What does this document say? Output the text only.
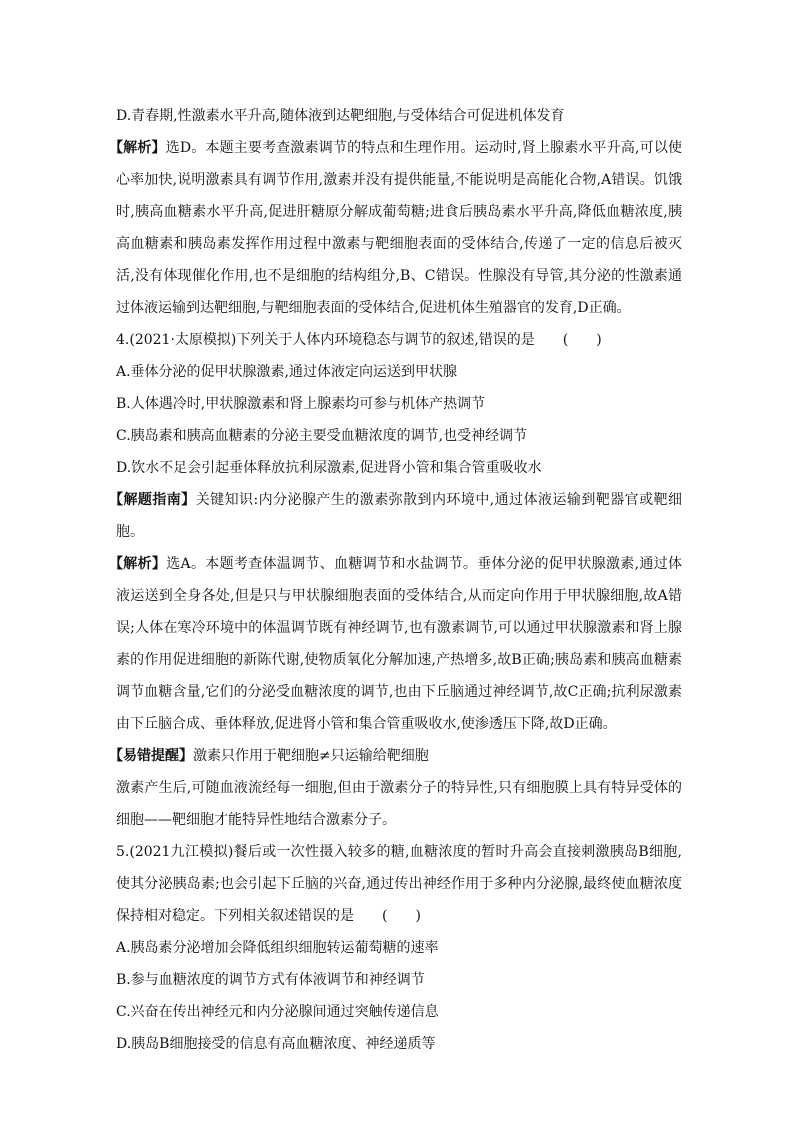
D.青春期,性激素水平升高,随体液到达靶细胞,与受体结合可促进机体发育

【解析】选D。本题主要考查激素调节的特点和生理作用。运动时,肾上腺素水平升高,可以使心率加快,说明激素具有调节作用,激素并没有提供能量,不能说明是高能化合物,A错误。饥饿时,胰高血糖素水平升高,促进肝糖原分解成葡萄糖;进食后胰岛素水平升高,降低血糖浓度,胰高血糖素和胰岛素发挥作用过程中激素与靶细胞表面的受体结合,传递了一定的信息后被灭活,没有体现催化作用,也不是细胞的结构组分,B、C错误。性腺没有导管,其分泌的性激素通过体液运输到达靶细胞,与靶细胞表面的受体结合,促进机体生殖器官的发育,D正确。

4.(2021·太原模拟)下列关于人体内环境稳态与调节的叙述,错误的是　　(　　)

A.垂体分泌的促甲状腺激素,通过体液定向运送到甲状腺

B.人体遇冷时,甲状腺激素和肾上腺素均可参与机体产热调节

C.胰岛素和胰高血糖素的分泌主要受血糖浓度的调节,也受神经调节

D.饮水不足会引起垂体释放抗利尿激素,促进肾小管和集合管重吸收水

【解题指南】关键知识:内分泌腺产生的激素弥散到内环境中,通过体液运输到靶器官或靶细胞。

【解析】选A。本题考查体温调节、血糖调节和水盐调节。垂体分泌的促甲状腺激素,通过体液运送到全身各处,但是只与甲状腺细胞表面的受体结合,从而定向作用于甲状腺细胞,故A错误;人体在寒冷环境中的体温调节既有神经调节,也有激素调节,可以通过甲状腺激素和肾上腺素的作用促进细胞的新陈代谢,使物质氧化分解加速,产热增多,故B正确;胰岛素和胰高血糖素调节血糖含量,它们的分泌受血糖浓度的调节,也由下丘脑通过神经调节,故C正确;抗利尿激素由下丘脑合成、垂体释放,促进肾小管和集合管重吸收水,使渗透压下降,故D正确。

【易错提醒】激素只作用于靶细胞≠只运输给靶细胞

激素产生后,可随血液流经每一细胞,但由于激素分子的特异性,只有细胞膜上具有特异受体的细胞——靶细胞才能特异性地结合激素分子。

5.(2021九江模拟)餐后或一次性摄入较多的糖,血糖浓度的暂时升高会直接刺激胰岛B细胞,使其分泌胰岛素;也会引起下丘脑的兴奋,通过传出神经作用于多种内分泌腺,最终使血糖浓度保持相对稳定。下列相关叙述错误的是　　(　　)

A.胰岛素分泌增加会降低组织细胞转运葡萄糖的速率

B.参与血糖浓度的调节方式有体液调节和神经调节

C.兴奋在传出神经元和内分泌腺间通过突触传递信息

D.胰岛B细胞接受的信息有高血糖浓度、神经递质等
